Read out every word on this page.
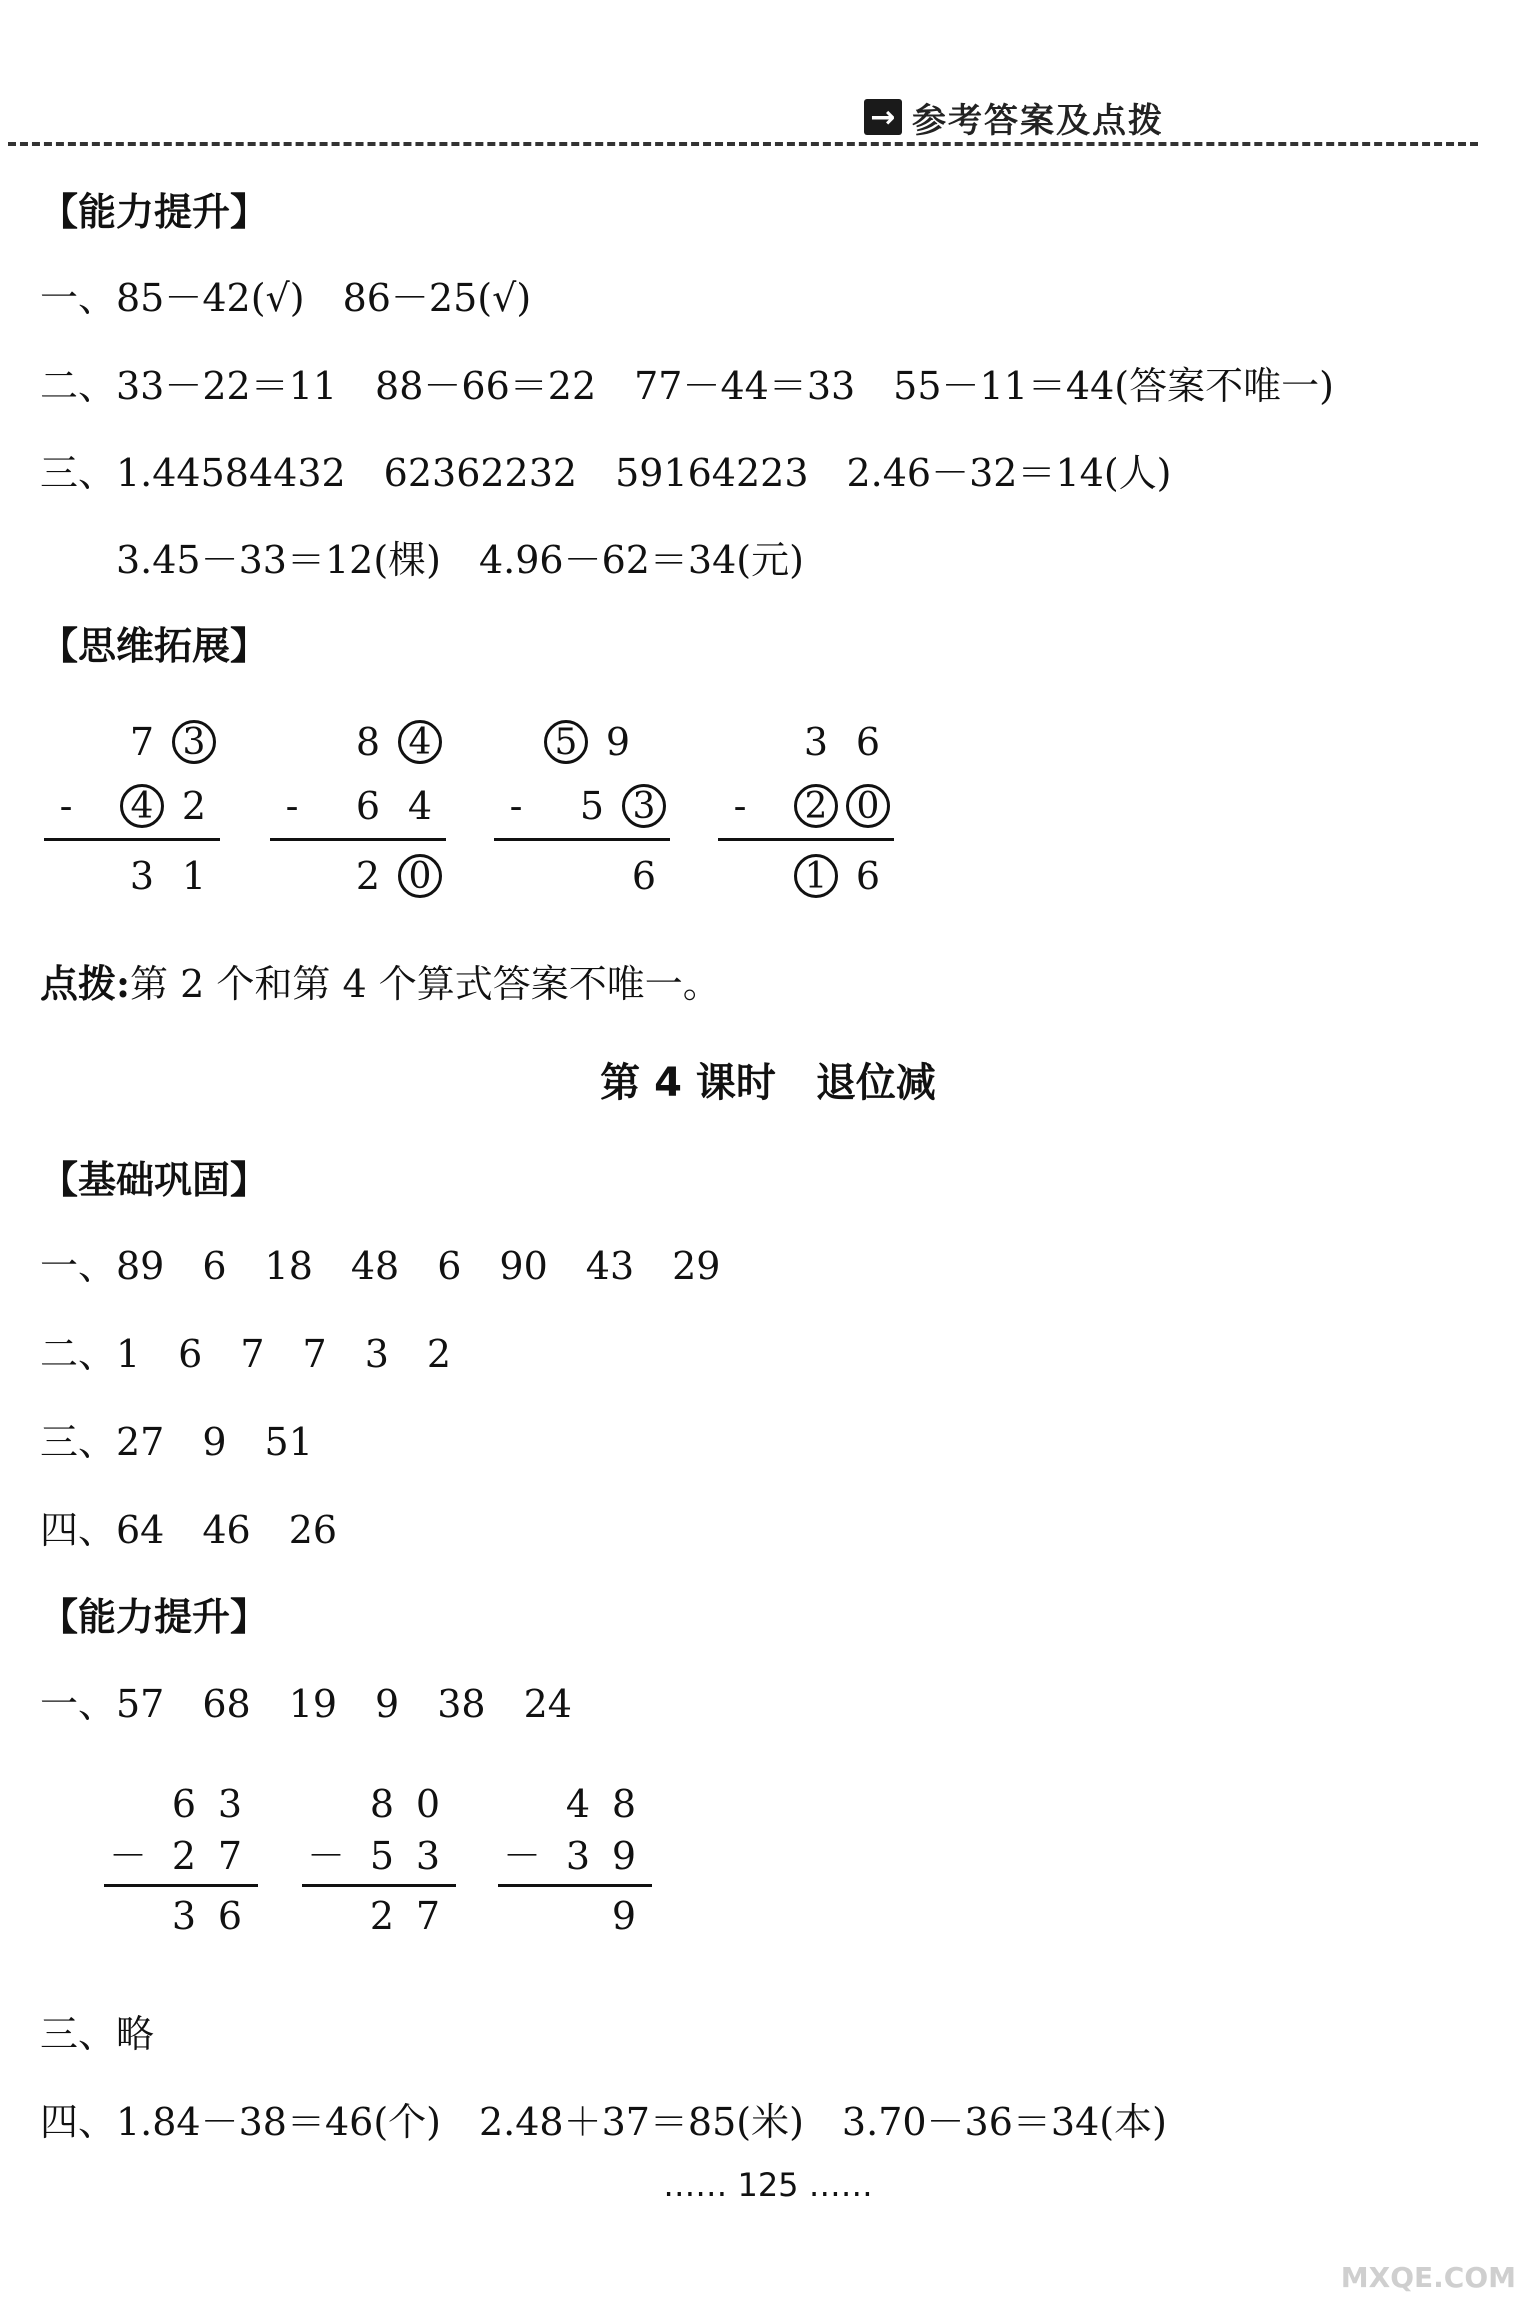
→ 参考答案及点拨
【能力提升】
一、85－42(√)　86－25(√)
二、33－22＝11　88－66＝22　77－44＝33　55－11＝44(答案不唯一)
三、1.44584432　62362232　59164223　2.46－32＝14(人)
　　3.45－33＝12(棵)　4.96－62＝34(元)
【思维拓展】
7 3
-	4 2
3 1
8 4
-	6 4
2 0
5 9
-	5 3
6
3 6
-	2 0
1 6
点拨:第 2 个和第 4 个算式答案不唯一。
第 4 课时　退位减
【基础巩固】
一、89　6　18　48　6　90　43　29
二、1　6　7　7　3　2
三、27　9　51
四、64　46　26
【能力提升】
一、57　68　19　9　38　24
6 3
－ 2 7
3 6
8 0
－ 5 3
2 7
4 8
－ 3 9
9
三、略
四、1.84－38＝46(个)　2.48＋37＝85(米)　3.70－36＝34(本)
…… 125 ……
MXQE.COM
